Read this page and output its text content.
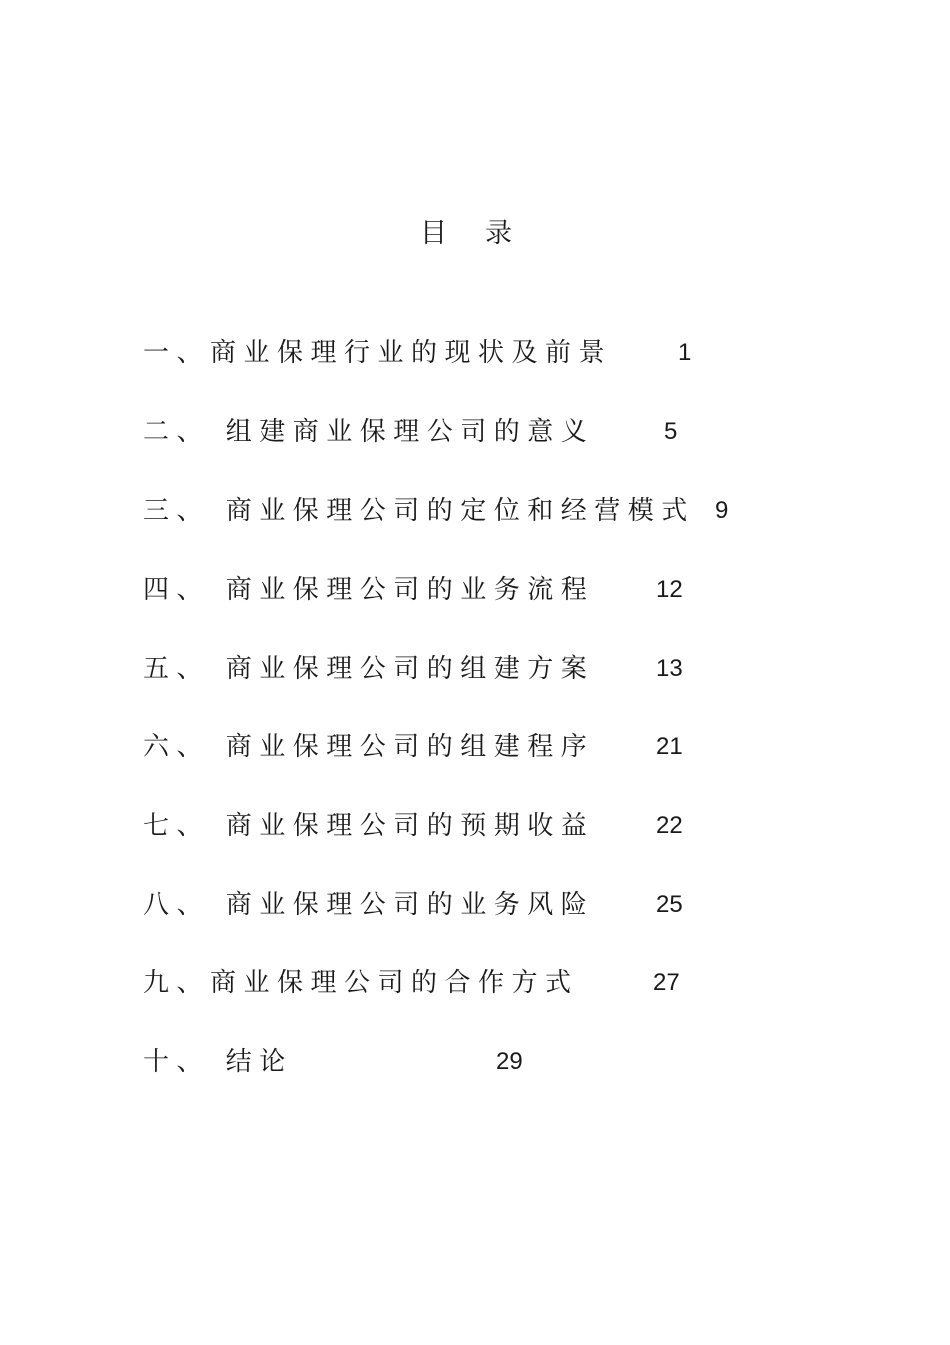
目录
一、商业保理行业的现状及前景	1
二、 组建商业保理公司的意义	5
三、 商业保理公司的定位和经营模式 9
四、 商业保理公司的业务流程	12
五、 商业保理公司的组建方案	13
六、 商业保理公司的组建程序	21
七、 商业保理公司的预期收益	22
八、 商业保理公司的业务风险	25
九、商业保理公司的合作方式	27
十、 结论	29
